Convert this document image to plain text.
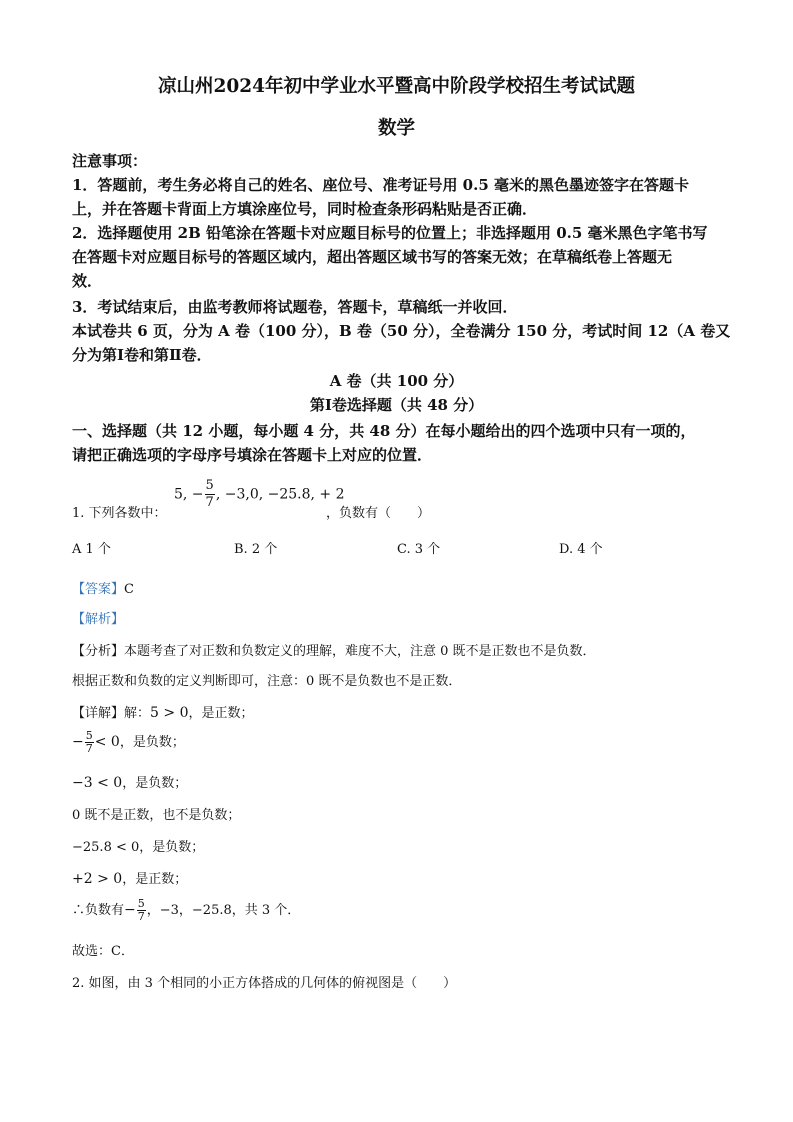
凉山州2024年初中学业水平暨高中阶段学校招生考试试题
数学
注意事项：
1．答题前，考生务必将自己的姓名、座位号、准考证号用 0.5 毫米的黑色墨迹签字在答题卡
上，并在答题卡背面上方填涂座位号，同时检查条形码粘贴是否正确．
2．选择题使用 2B 铅笔涂在答题卡对应题目标号的位置上；非选择题用 0.5 毫米黑色字笔书写
在答题卡对应题目标号的答题区域内，超出答题区域书写的答案无效；在草稿纸卷上答题无
效．
3．考试结束后，由监考教师将试题卷，答题卡，草稿纸一并收回．
本试卷共 6 页，分为 A 卷（100 分），B 卷（50 分），全卷满分 150 分，考试时间 12（A 卷又
分为第Ⅰ卷和第Ⅱ卷．
A 卷（共 100 分）
第Ⅰ卷选择题（共 48 分）
一、选择题（共 12 小题，每小题 4 分，共 48 分）在每小题给出的四个选项中只有一项的，
请把正确选项的字母序号填涂在答题卡上对应的位置．
1. 下列各数中：
5, − $\frac{5}{7}$ , −3,0, −25.8, + 2
，负数有（　　）
A 1 个	B. 2 个	C. 3 个	D. 4 个
【答案】C
【解析】
【分析】本题考查了对正数和负数定义的理解，难度不大，注意 0 既不是正数也不是负数．
根据正数和负数的定义判断即可，注意：0 既不是负数也不是正数．
【详解】解：5 > 0，是正数；
− $\frac{5}{7} < 0$，是负数；
−3 < 0，是负数；
0 既不是正数，也不是负数；
−25.8 < 0，是负数；
+2 > 0，是正数；
∴负数有− $\frac{5}{7}$ ，−3，−25.8，共 3 个．
故选：C．
2. 如图，由 3 个相同的小正方体搭成的几何体的俯视图是（　　）
